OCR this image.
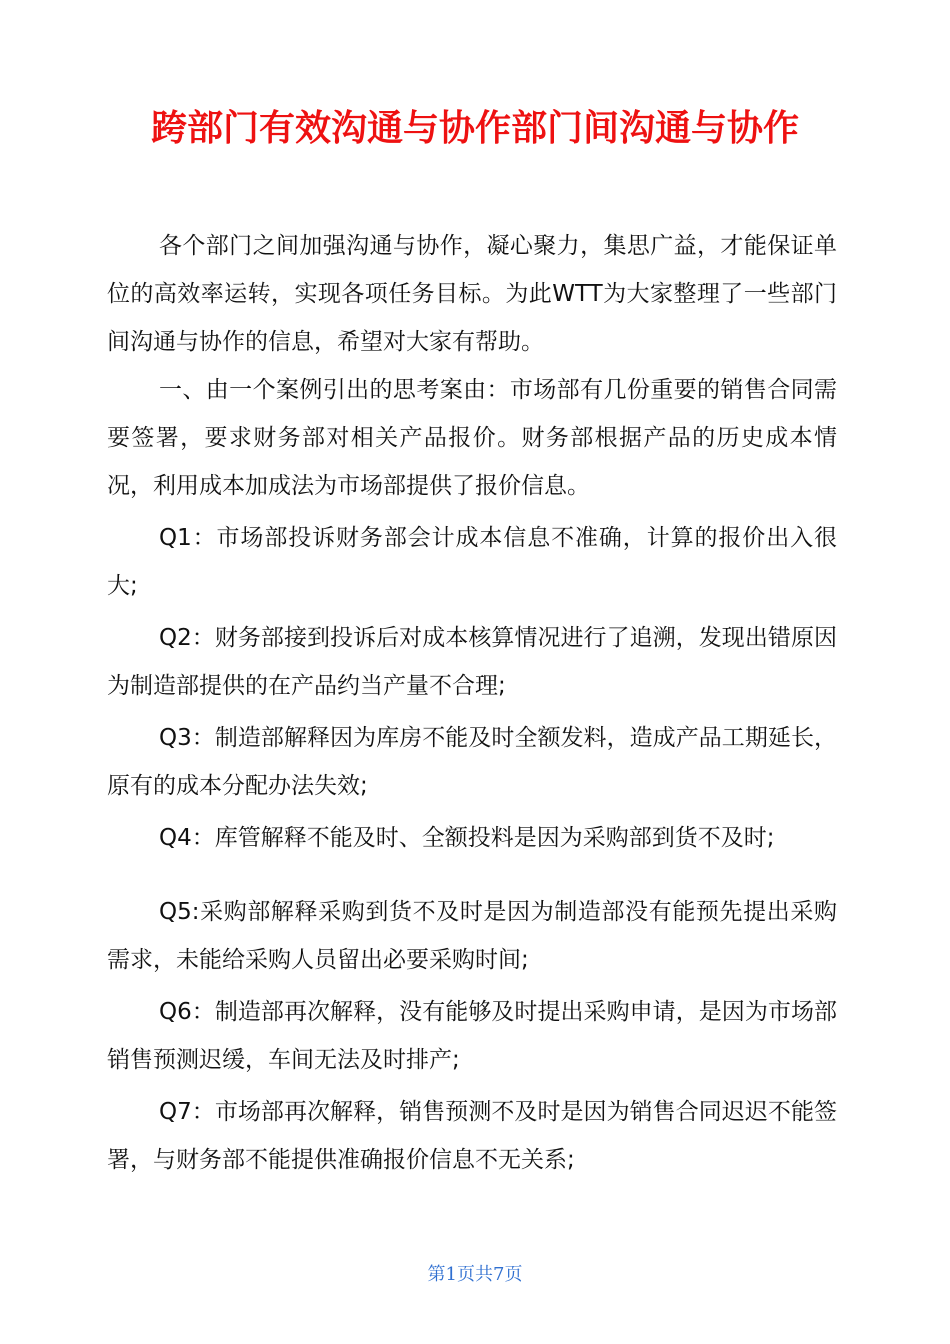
跨部门有效沟通与协作部门间沟通与协作

各个部门之间加强沟通与协作，凝心聚力，集思广益，才能保证单位的高效率运转，实现各项任务目标。为此WTT为大家整理了一些部门间沟通与协作的信息，希望对大家有帮助。

一、由一个案例引出的思考案由：市场部有几份重要的销售合同需要签署，要求财务部对相关产品报价。财务部根据产品的历史成本情况，利用成本加成法为市场部提供了报价信息。

Q1：市场部投诉财务部会计成本信息不准确，计算的报价出入很大;

Q2：财务部接到投诉后对成本核算情况进行了追溯，发现出错原因为制造部提供的在产品约当产量不合理;

Q3：制造部解释因为库房不能及时全额发料，造成产品工期延长，原有的成本分配办法失效;

Q4：库管解释不能及时、全额投料是因为采购部到货不及时;

Q5:采购部解释采购到货不及时是因为制造部没有能预先提出采购需求，未能给采购人员留出必要采购时间;

Q6：制造部再次解释，没有能够及时提出采购申请，是因为市场部销售预测迟缓，车间无法及时排产;

Q7：市场部再次解释，销售预测不及时是因为销售合同迟迟不能签署，与财务部不能提供准确报价信息不无关系;

第1页共7页
